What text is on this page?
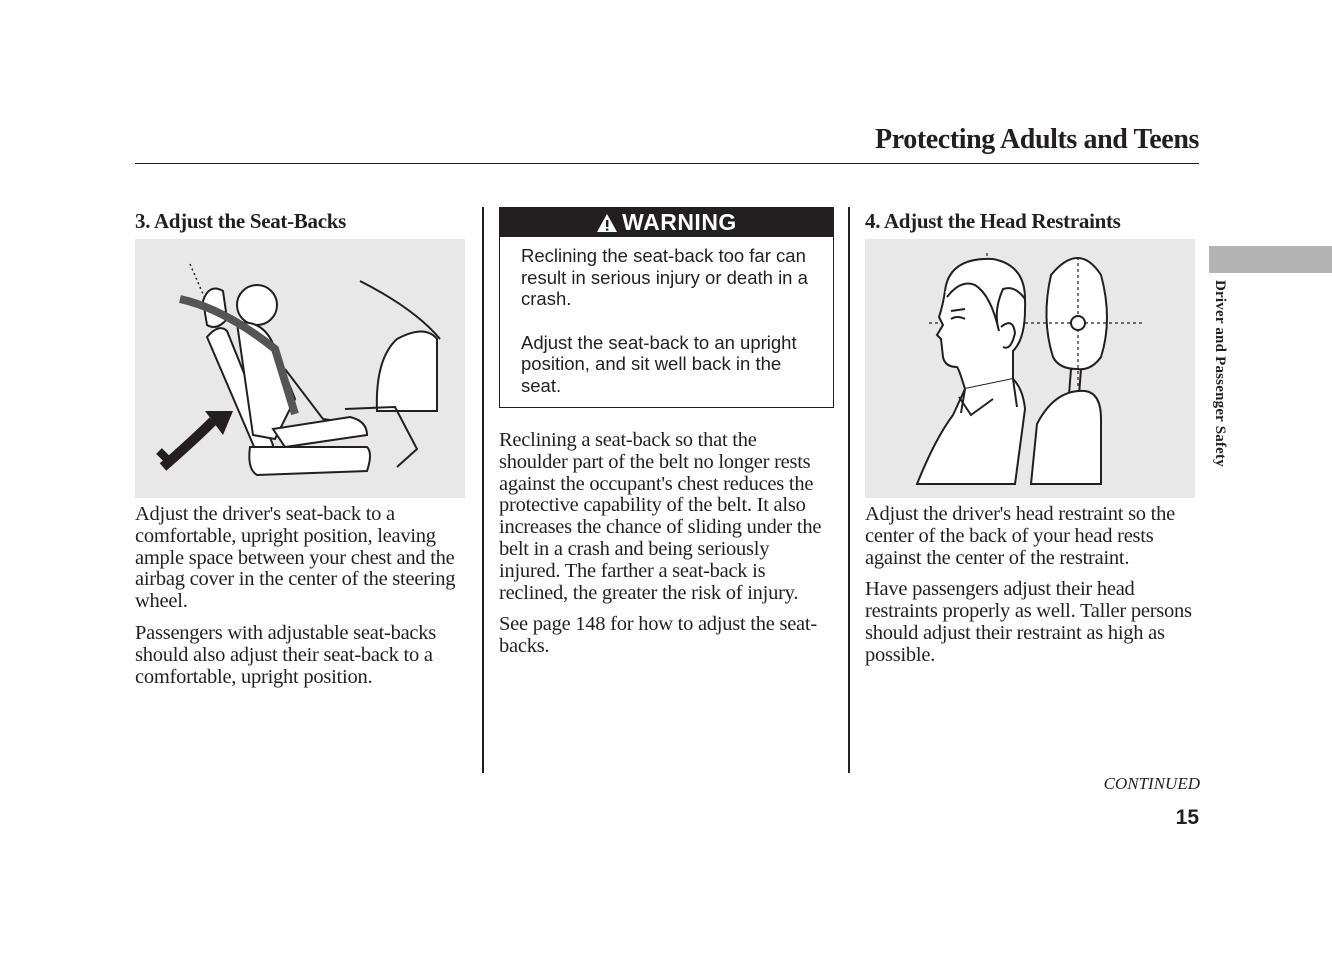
Protecting Adults and Teens
Driver and Passenger Safety
3. Adjust the Seat-Backs

Adjust the driver's seat-back to a comfortable, upright position, leaving ample space between your chest and the airbag cover in the center of the steering wheel.

Passengers with adjustable seat-backs should also adjust their seat-back to a comfortable, upright position.

WARNING

Reclining the seat-back too far can result in serious injury or death in a crash.

Adjust the seat-back to an upright position, and sit well back in the seat.

Reclining a seat-back so that the shoulder part of the belt no longer rests against the occupant's chest reduces the protective capability of the belt. It also increases the chance of sliding under the belt in a crash and being seriously injured. The farther a seat-back is reclined, the greater the risk of injury.

See page 148 for how to adjust the seat-backs.

4. Adjust the Head Restraints

Adjust the driver's head restraint so the center of the back of your head rests against the center of the restraint.

Have passengers adjust their head restraints properly as well. Taller persons should adjust their restraint as high as possible.

CONTINUED
15
